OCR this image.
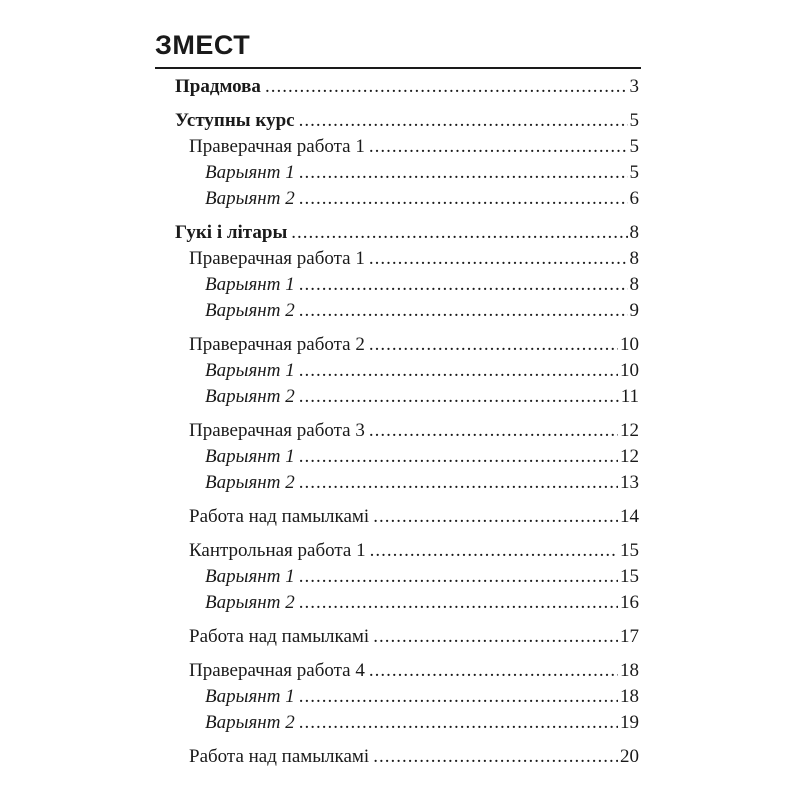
ЗМЕСТ
Прадмова .....	3
Уступны курс .....	5
Праверачная работа 1 .....	5
Варыянт 1 .....	5
Варыянт 2 .....	6
Гукі і літары .....	8
Праверачная работа 1 .....	8
Варыянт 1 .....	8
Варыянт 2 .....	9
Праверачная работа 2 .....	10
Варыянт 1 .....	10
Варыянт 2 .....	11
Праверачная работа 3 .....	12
Варыянт 1 .....	12
Варыянт 2 .....	13
Работа над памылкамі .....	14
Кантрольная работа 1 .....	15
Варыянт 1 .....	15
Варыянт 2 .....	16
Работа над памылкамі .....	17
Праверачная работа 4 .....	18
Варыянт 1 .....	18
Варыянт 2 .....	19
Работа над памылкамі .....	20
